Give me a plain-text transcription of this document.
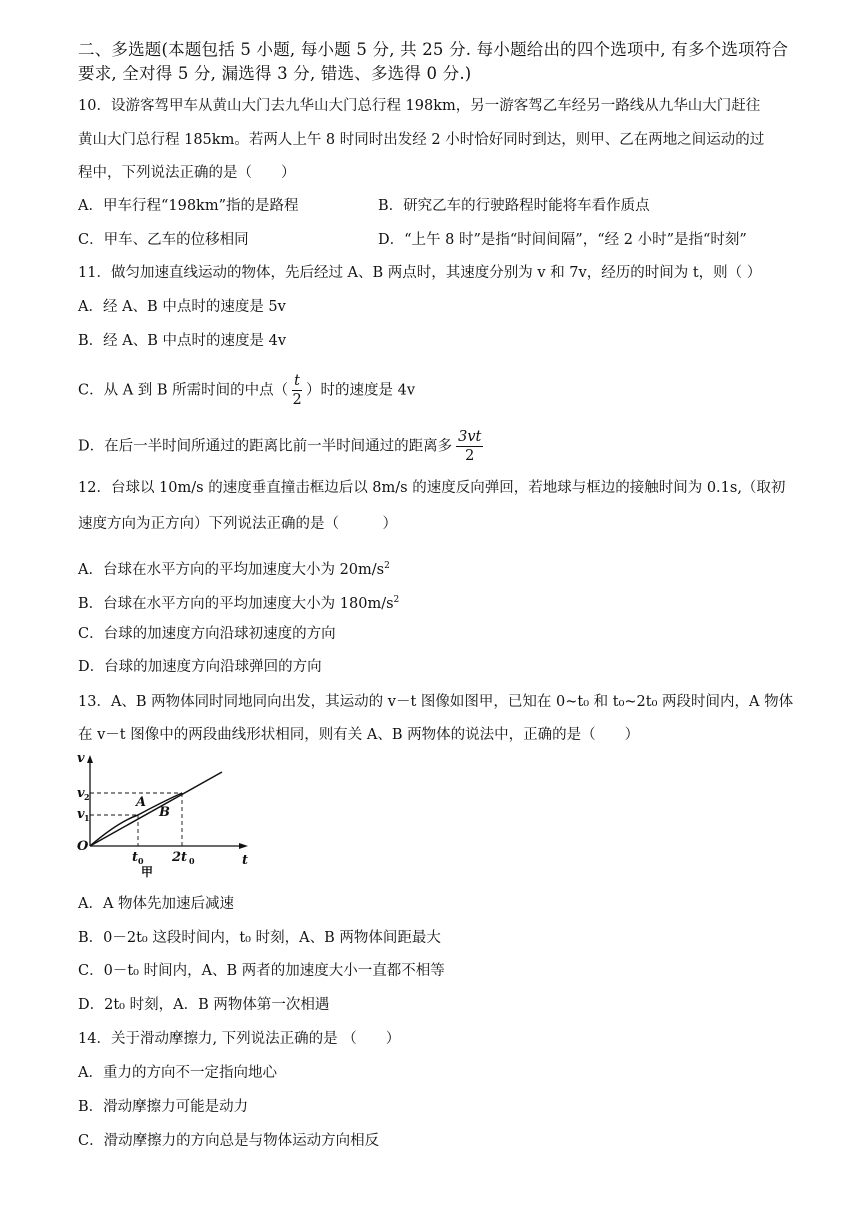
二、多选题(本题包括 5 小题, 每小题 5 分, 共 25 分. 每小题给出的四个选项中, 有多个选项符合
要求, 全对得 5 分, 漏选得 3 分, 错选、多选得 0 分.)
10．设游客驾甲车从黄山大门去九华山大门总行程 198km，另一游客驾乙车经另一路线从九华山大门赶往
黄山大门总行程 185km。若两人上午 8 时同时出发经 2 小时恰好同时到达，则甲、乙在两地之间运动的过
程中，下列说法正确的是（　　）
A．甲车行程“198km”指的是路程	B．研究乙车的行驶路程时能将车看作质点
C．甲车、乙车的位移相同	D．“上午 8 时”是指“时间间隔”，“经 2 小时”是指“时刻”
11．做匀加速直线运动的物体，先后经过 A、B 两点时，其速度分别为 v 和 7v，经历的时间为 t，则（ ）
A．经 A、B 中点时的速度是 5v
B．经 A、B 中点时的速度是 4v
C．从 A 到 B 所需时间的中点（ $\frac{t}{2}$ ）时的速度是 4v
D．在后一半时间所通过的距离比前一半时间通过的距离多 $\frac{3vt}{2}$
12．台球以 10m/s 的速度垂直撞击框边后以 8m/s 的速度反向弹回，若地球与框边的接触时间为 0.1s,（取初
速度方向为正方向）下列说法正确的是（　　　）
A．台球在水平方向的平均加速度大小为 $20m/s^2$
B．台球在水平方向的平均加速度大小为 $180m/s^2$
C．台球的加速度方向沿球初速度的方向
D．台球的加速度方向沿球弹回的方向
13．A、B 两物体同时同地同向出发，其运动的 v－t 图像如图甲，已知在 0~t₀ 和 t₀~2t₀ 两段时间内，A 物体
在 v－t 图像中的两段曲线形状相同，则有关 A、B 两物体的说法中，正确的是（　　）
v
t
v 2
v 1
A
B
O
t 0 2t 0
甲
A．A 物体先加速后减速
B．0－2t₀ 这段时间内，t₀ 时刻，A、B 两物体间距最大
C．0－t₀ 时间内，A、B 两者的加速度大小一直都不相等
D．2t₀ 时刻，A．B 两物体第一次相遇
14．关于滑动摩擦力, 下列说法正确的是 （　　）
A．重力的方向不一定指向地心
B．滑动摩擦力可能是动力
C．滑动摩擦力的方向总是与物体运动方向相反
